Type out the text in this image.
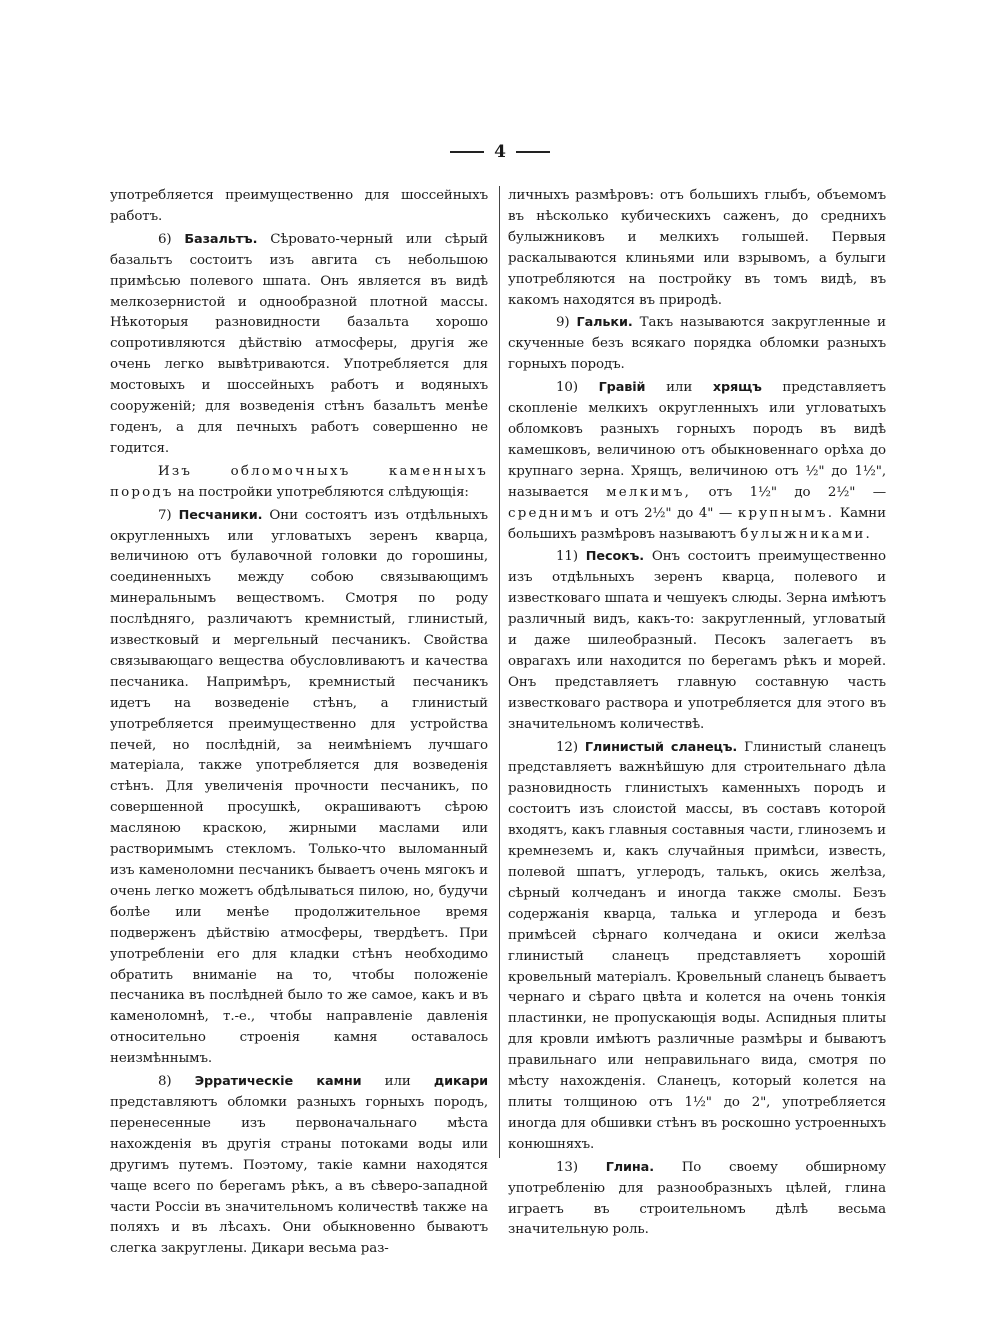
4

употребляется преимущественно для шоссейныхъ работъ.

6) Базальтъ. Сѣровато-черный или сѣрый базальтъ состоитъ изъ авгита съ небольшою примѣсью полевого шпата. Онъ является въ видѣ мелкозернистой и однообразной плотной массы. Нѣкоторыя разновидности базальта хорошо сопротивляются дѣйствію атмосферы, другія же очень легко вывѣтриваются. Употребляется для мостовыхъ и шоссейныхъ работъ и водяныхъ сооруженій; для возведенія стѣнъ базальтъ менѣе годенъ, а для печныхъ работъ совершенно не годится.

Изъ обломочныхъ каменныхъ породъ на постройки употребляются слѣдующія:

7) Песчаники. Они состоятъ изъ отдѣльныхъ округленныхъ или угловатыхъ зеренъ кварца, величиною отъ булавочной головки до горошины, соединенныхъ между собою связывающимъ минеральнымъ веществомъ. Смотря по роду послѣдняго, различаютъ кремнистый, глинистый, известковый и мергельный песчаникъ. Свойства связывающаго вещества обусловливаютъ и качества песчаника. Напримѣръ, кремнистый песчаникъ идетъ на возведеніе стѣнъ, а глинистый употребляется преимущественно для устройства печей, но послѣдній, за неимѣніемъ лучшаго матеріала, также употребляется для возведенія стѣнъ. Для увеличенія прочности песчаникъ, по совершенной просушкѣ, окрашиваютъ сѣрою масляною краскою, жирными маслами или растворимымъ стекломъ. Только-что выломанный изъ каменоломни песчаникъ бываетъ очень мягокъ и очень легко можетъ обдѣлываться пилою, но, будучи болѣе или менѣе продолжительное время подверженъ дѣйствію атмосферы, твердѣетъ. При употребленіи его для кладки стѣнъ необходимо обратить вниманіе на то, чтобы положеніе песчаника въ послѣдней было то же самое, какъ и въ каменоломнѣ, т.-е., чтобы направленіе давленія относительно строенія камня оставалось неизмѣннымъ.

8) Эрратическіе камни или дикари представляютъ обломки разныхъ горныхъ породъ, перенесенные изъ первоначальнаго мѣста нахожденія въ другія страны потоками воды или другимъ путемъ. Поэтому, такіе камни находятся чаще всего по берегамъ рѣкъ, а въ сѣверо-западной части Россіи въ значительномъ количествѣ также на поляхъ и въ лѣсахъ. Они обыкновенно бываютъ слегка закруглены. Дикари весьма раз-

личныхъ размѣровъ: отъ большихъ глыбъ, объемомъ въ нѣсколько кубическихъ саженъ, до среднихъ булыжниковъ и мелкихъ голышей. Первыя раскалываются клиньями или взрывомъ, а булыги употребляются на постройку въ томъ видѣ, въ какомъ находятся въ природѣ.

9) Гальки. Такъ называются закругленные и скученные безъ всякаго порядка обломки разныхъ горныхъ породъ.

10) Гравій или хрящъ представляетъ скопленіе мелкихъ округленныхъ или угловатыхъ обломковъ разныхъ горныхъ породъ въ видѣ камешковъ, величиною отъ обыкновеннаго орѣха до крупнаго зерна. Хрящъ, величиною отъ ½" до 1½", называется мелкимъ, отъ 1½" до 2½" — среднимъ и отъ 2½" до 4" — крупнымъ. Камни большихъ размѣровъ называютъ булыжниками.

11) Песокъ. Онъ состоитъ преимущественно изъ отдѣльныхъ зеренъ кварца, полевого и известковаго шпата и чешуекъ слюды. Зерна имѣютъ различный видъ, какъ-то: закругленный, угловатый и даже шилеобразный. Песокъ залегаетъ въ оврагахъ или находится по берегамъ рѣкъ и морей. Онъ представляетъ главную составную часть известковаго раствора и употребляется для этого въ значительномъ количествѣ.

12) Глинистый сланецъ. Глинистый сланецъ представляетъ важнѣйшую для строительнаго дѣла разновидность глинистыхъ каменныхъ породъ и состоитъ изъ слоистой массы, въ составъ которой входятъ, какъ главныя составныя части, глиноземъ и кремнеземъ и, какъ случайныя примѣси, известь, полевой шпатъ, углеродъ, талькъ, окись желѣза, сѣрный колчеданъ и иногда также смолы. Безъ содержанія кварца, талька и углерода и безъ примѣсей сѣрнаго колчедана и окиси желѣза глинистый сланецъ представляетъ хорошій кровельный матеріалъ. Кровельный сланецъ бываетъ чернаго и сѣраго цвѣта и колется на очень тонкія пластинки, не пропускающія воды. Аспидныя плиты для кровли имѣютъ различные размѣры и бываютъ правильнаго или неправильнаго вида, смотря по мѣсту нахожденія. Сланецъ, который колется на плиты толщиною отъ 1½" до 2", употребляется иногда для обшивки стѣнъ въ роскошно устроенныхъ конюшняхъ.

13) Глина. По своему обширному употребленію для разнообразныхъ цѣлей, глина играетъ въ строительномъ дѣлѣ весьма значительную роль.
